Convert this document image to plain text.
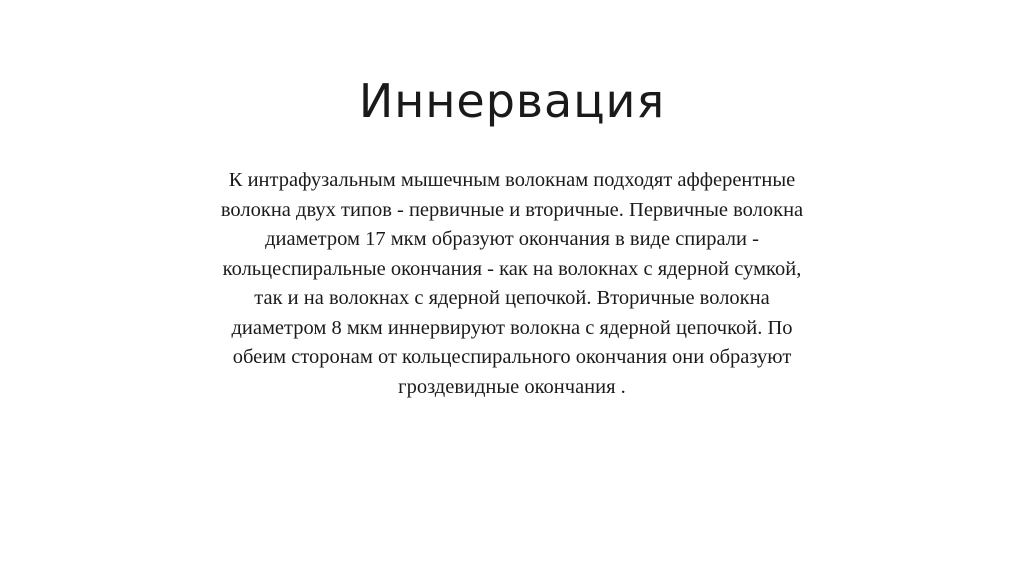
Иннервация
К интрафузальным мышечным волокнам подходят афферентные
волокна двух типов - первичные и вторичные. Первичные волокна
диаметром 17 мкм образуют окончания в виде спирали -
кольцеспиральные окончания - как на волокнах с ядерной сумкой,
так и на волокнах с ядерной цепочкой. Вторичные волокна
диаметром 8 мкм иннервируют волокна с ядерной цепочкой. По
обеим сторонам от кольцеспирального окончания они образуют
гроздевидные окончания .
